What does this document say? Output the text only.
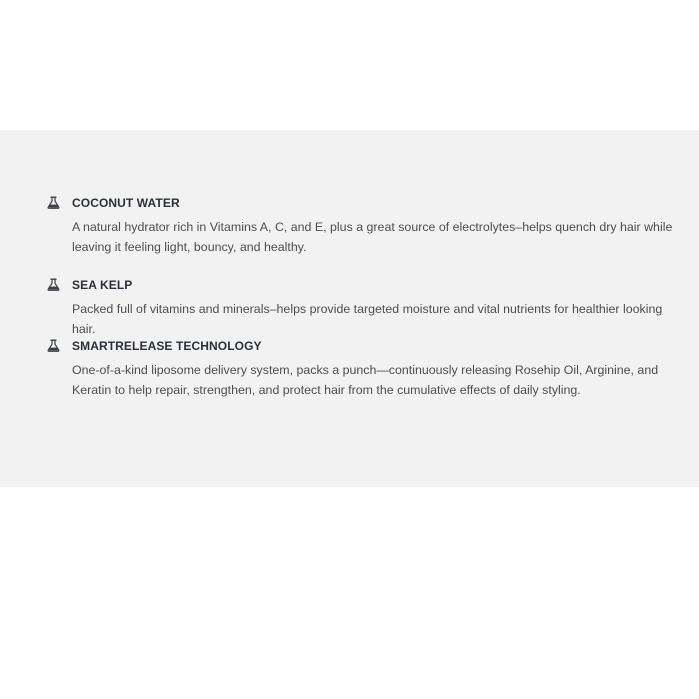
COCONUT WATER

A natural hydrator rich in Vitamins A, C, and E, plus a great source of electrolytes–helps quench dry hair while leaving it feeling light, bouncy, and healthy.

SEA KELP

Packed full of vitamins and minerals–helps provide targeted moisture and vital nutrients for healthier looking hair.

SMARTRELEASE TECHNOLOGY

One-of-a-kind liposome delivery system, packs a punch—continuously releasing Rosehip Oil, Arginine, and Keratin to help repair, strengthen, and protect hair from the cumulative effects of daily styling.
